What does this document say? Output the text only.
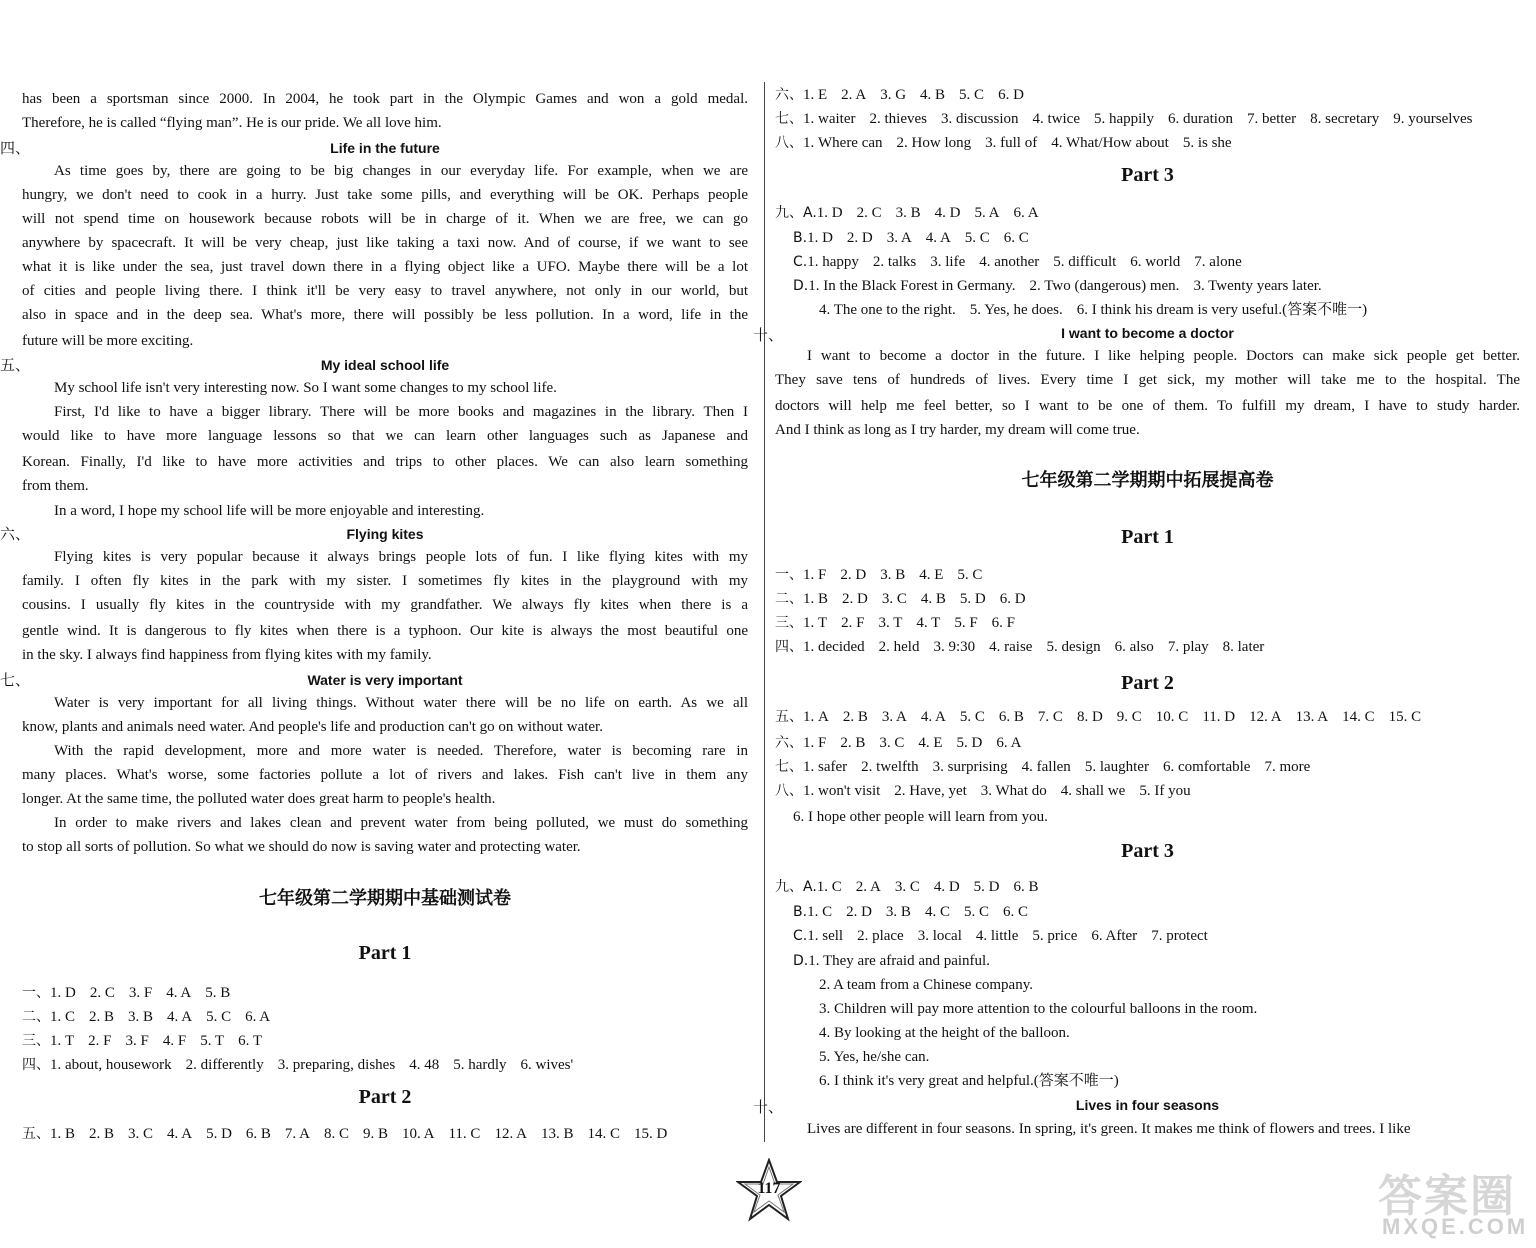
has been a sportsman since 2000. In 2004, he took part in the Olympic Games and won a gold medal.
Therefore, he is called “flying man”. He is our pride. We all love him.
四、	Life in the future
As time goes by, there are going to be big changes in our everyday life. For example, when we are
hungry, we don't need to cook in a hurry. Just take some pills, and everything will be OK. Perhaps people
will not spend time on housework because robots will be in charge of it. When we are free, we can go
anywhere by spacecraft. It will be very cheap, just like taking a taxi now. And of course, if we want to see
what it is like under the sea, just travel down there in a flying object like a UFO. Maybe there will be a lot
of cities and people living there. I think it'll be very easy to travel anywhere, not only in our world, but
also in space and in the deep sea. What's more, there will possibly be less pollution. In a word, life in the
future will be more exciting.
五、	My ideal school life
My school life isn't very interesting now. So I want some changes to my school life.
First, I'd like to have a bigger library. There will be more books and magazines in the library. Then I
would like to have more language lessons so that we can learn other languages such as Japanese and
Korean. Finally, I'd like to have more activities and trips to other places. We can also learn something
from them.
In a word, I hope my school life will be more enjoyable and interesting.
六、	Flying kites
Flying kites is very popular because it always brings people lots of fun. I like flying kites with my
family. I often fly kites in the park with my sister. I sometimes fly kites in the playground with my
cousins. I usually fly kites in the countryside with my grandfather. We always fly kites when there is a
gentle wind. It is dangerous to fly kites when there is a typhoon. Our kite is always the most beautiful one
in the sky. I always find happiness from flying kites with my family.
七、	Water is very important
Water is very important for all living things. Without water there will be no life on earth. As we all
know, plants and animals need water. And people's life and production can't go on without water.
With the rapid development, more and more water is needed. Therefore, water is becoming rare in
many places. What's worse, some factories pollute a lot of rivers and lakes. Fish can't live in them any
longer. At the same time, the polluted water does great harm to people's health.
In order to make rivers and lakes clean and prevent water from being polluted, we must do something
to stop all sorts of pollution. So what we should do now is saving water and protecting water.
七年级第二学期期中基础测试卷
Part 1
一、1. D 2. C 3. F 4. A 5. B
二、1. C 2. B 3. B 4. A 5. C 6. A
三、1. T 2. F 3. F 4. F 5. T 6. T
四、1. about, housework 2. differently 3. preparing, dishes 4. 48 5. hardly 6. wives'
Part 2
五、1. B 2. B 3. C 4. A 5. D 6. B 7. A 8. C 9. B 10. A 11. C 12. A 13. B 14. C 15. D
六、1. E 2. A 3. G 4. B 5. C 6. D
七、1. waiter 2. thieves 3. discussion 4. twice 5. happily 6. duration 7. better 8. secretary 9. yourselves
八、1. Where can 2. How long 3. full of 4. What/How about 5. is she
Part 3
九、A.1. D 2. C 3. B 4. D 5. A 6. A
B.1. D 2. D 3. A 4. A 5. C 6. C
C.1. happy 2. talks 3. life 4. another 5. difficult 6. world 7. alone
D.1. In the Black Forest in Germany. 2. Two (dangerous) men. 3. Twenty years later.
4. The one to the right. 5. Yes, he does. 6. I think his dream is very useful.(答案不唯一)
十、	I want to become a doctor
I want to become a doctor in the future. I like helping people. Doctors can make sick people get better.
They save tens of hundreds of lives. Every time I get sick, my mother will take me to the hospital. The
doctors will help me feel better, so I want to be one of them. To fulfill my dream, I have to study harder.
And I think as long as I try harder, my dream will come true.
七年级第二学期期中拓展提高卷
Part 1
一、1. F 2. D 3. B 4. E 5. C
二、1. B 2. D 3. C 4. B 5. D 6. D
三、1. T 2. F 3. T 4. T 5. F 6. F
四、1. decided 2. held 3. 9:30 4. raise 5. design 6. also 7. play 8. later
Part 2
五、1. A 2. B 3. A 4. A 5. C 6. B 7. C 8. D 9. C 10. C 11. D 12. A 13. A 14. C 15. C
六、1. F 2. B 3. C 4. E 5. D 6. A
七、1. safer 2. twelfth 3. surprising 4. fallen 5. laughter 6. comfortable 7. more
八、1. won't visit 2. Have, yet 3. What do 4. shall we 5. If you
6. I hope other people will learn from you.
Part 3
九、A.1. C 2. A 3. C 4. D 5. D 6. B
B.1. C 2. D 3. B 4. C 5. C 6. C
C.1. sell 2. place 3. local 4. little 5. price 6. After 7. protect
D.1. They are afraid and painful.
2. A team from a Chinese company.
3. Children will pay more attention to the colourful balloons in the room.
4. By looking at the height of the balloon.
5. Yes, he/she can.
6. I think it's very great and helpful.(答案不唯一)
十、	Lives in four seasons
Lives are different in four seasons. In spring, it's green. It makes me think of flowers and trees. I like
117	答案圈
MXQE.COM
